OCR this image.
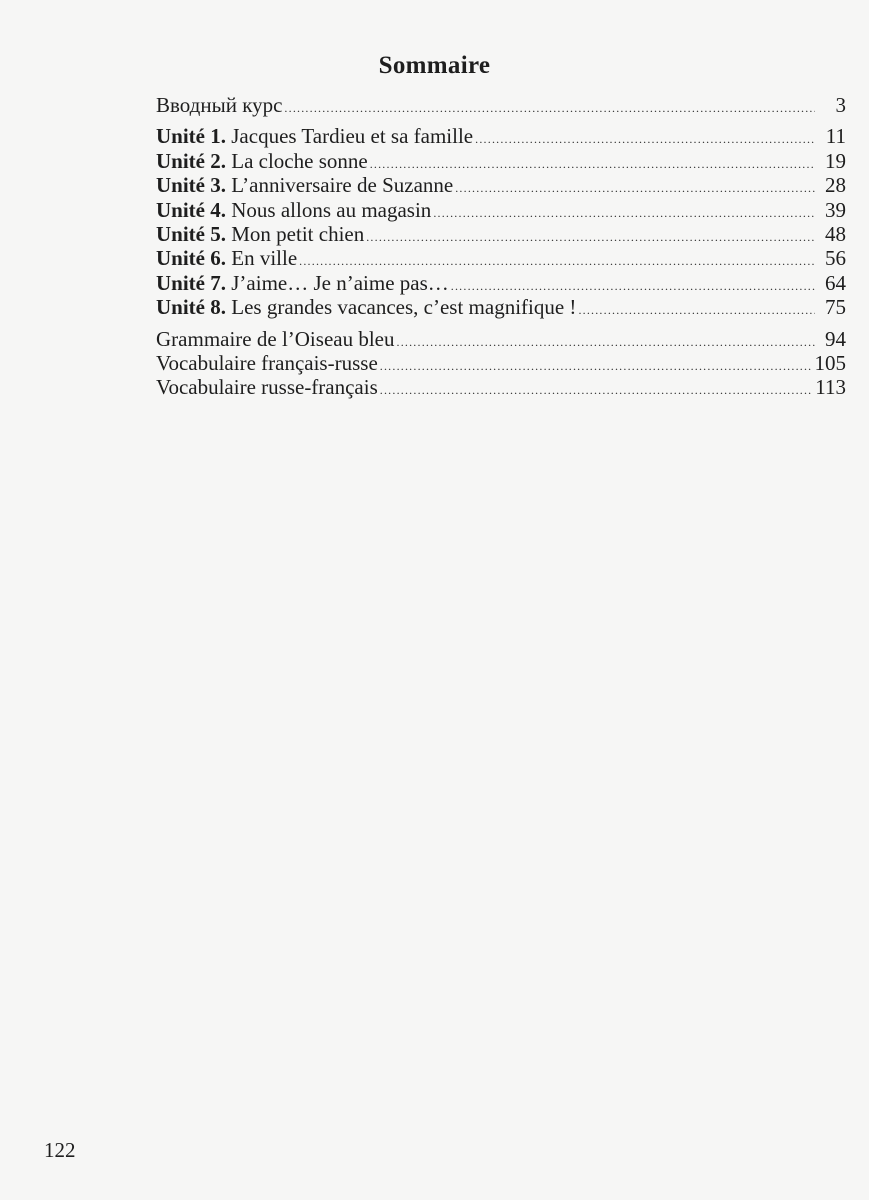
Sommaire
Вводный курс .....	3
Unité 1. Jacques Tardieu et sa famille .....	11
Unité 2. La cloche sonne .....	19
Unité 3. L’anniversaire de Suzanne .....	28
Unité 4. Nous allons au magasin .....	39
Unité 5. Mon petit chien .....	48
Unité 6. En ville .....	56
Unité 7. J’aime… Je n’aime pas… .....	64
Unité 8. Les grandes vacances, c’est magnifique ! .....	75
Grammaire de l’Oiseau bleu .....	94
Vocabulaire français-russe .....	105
Vocabulaire russe-français .....	113
122
